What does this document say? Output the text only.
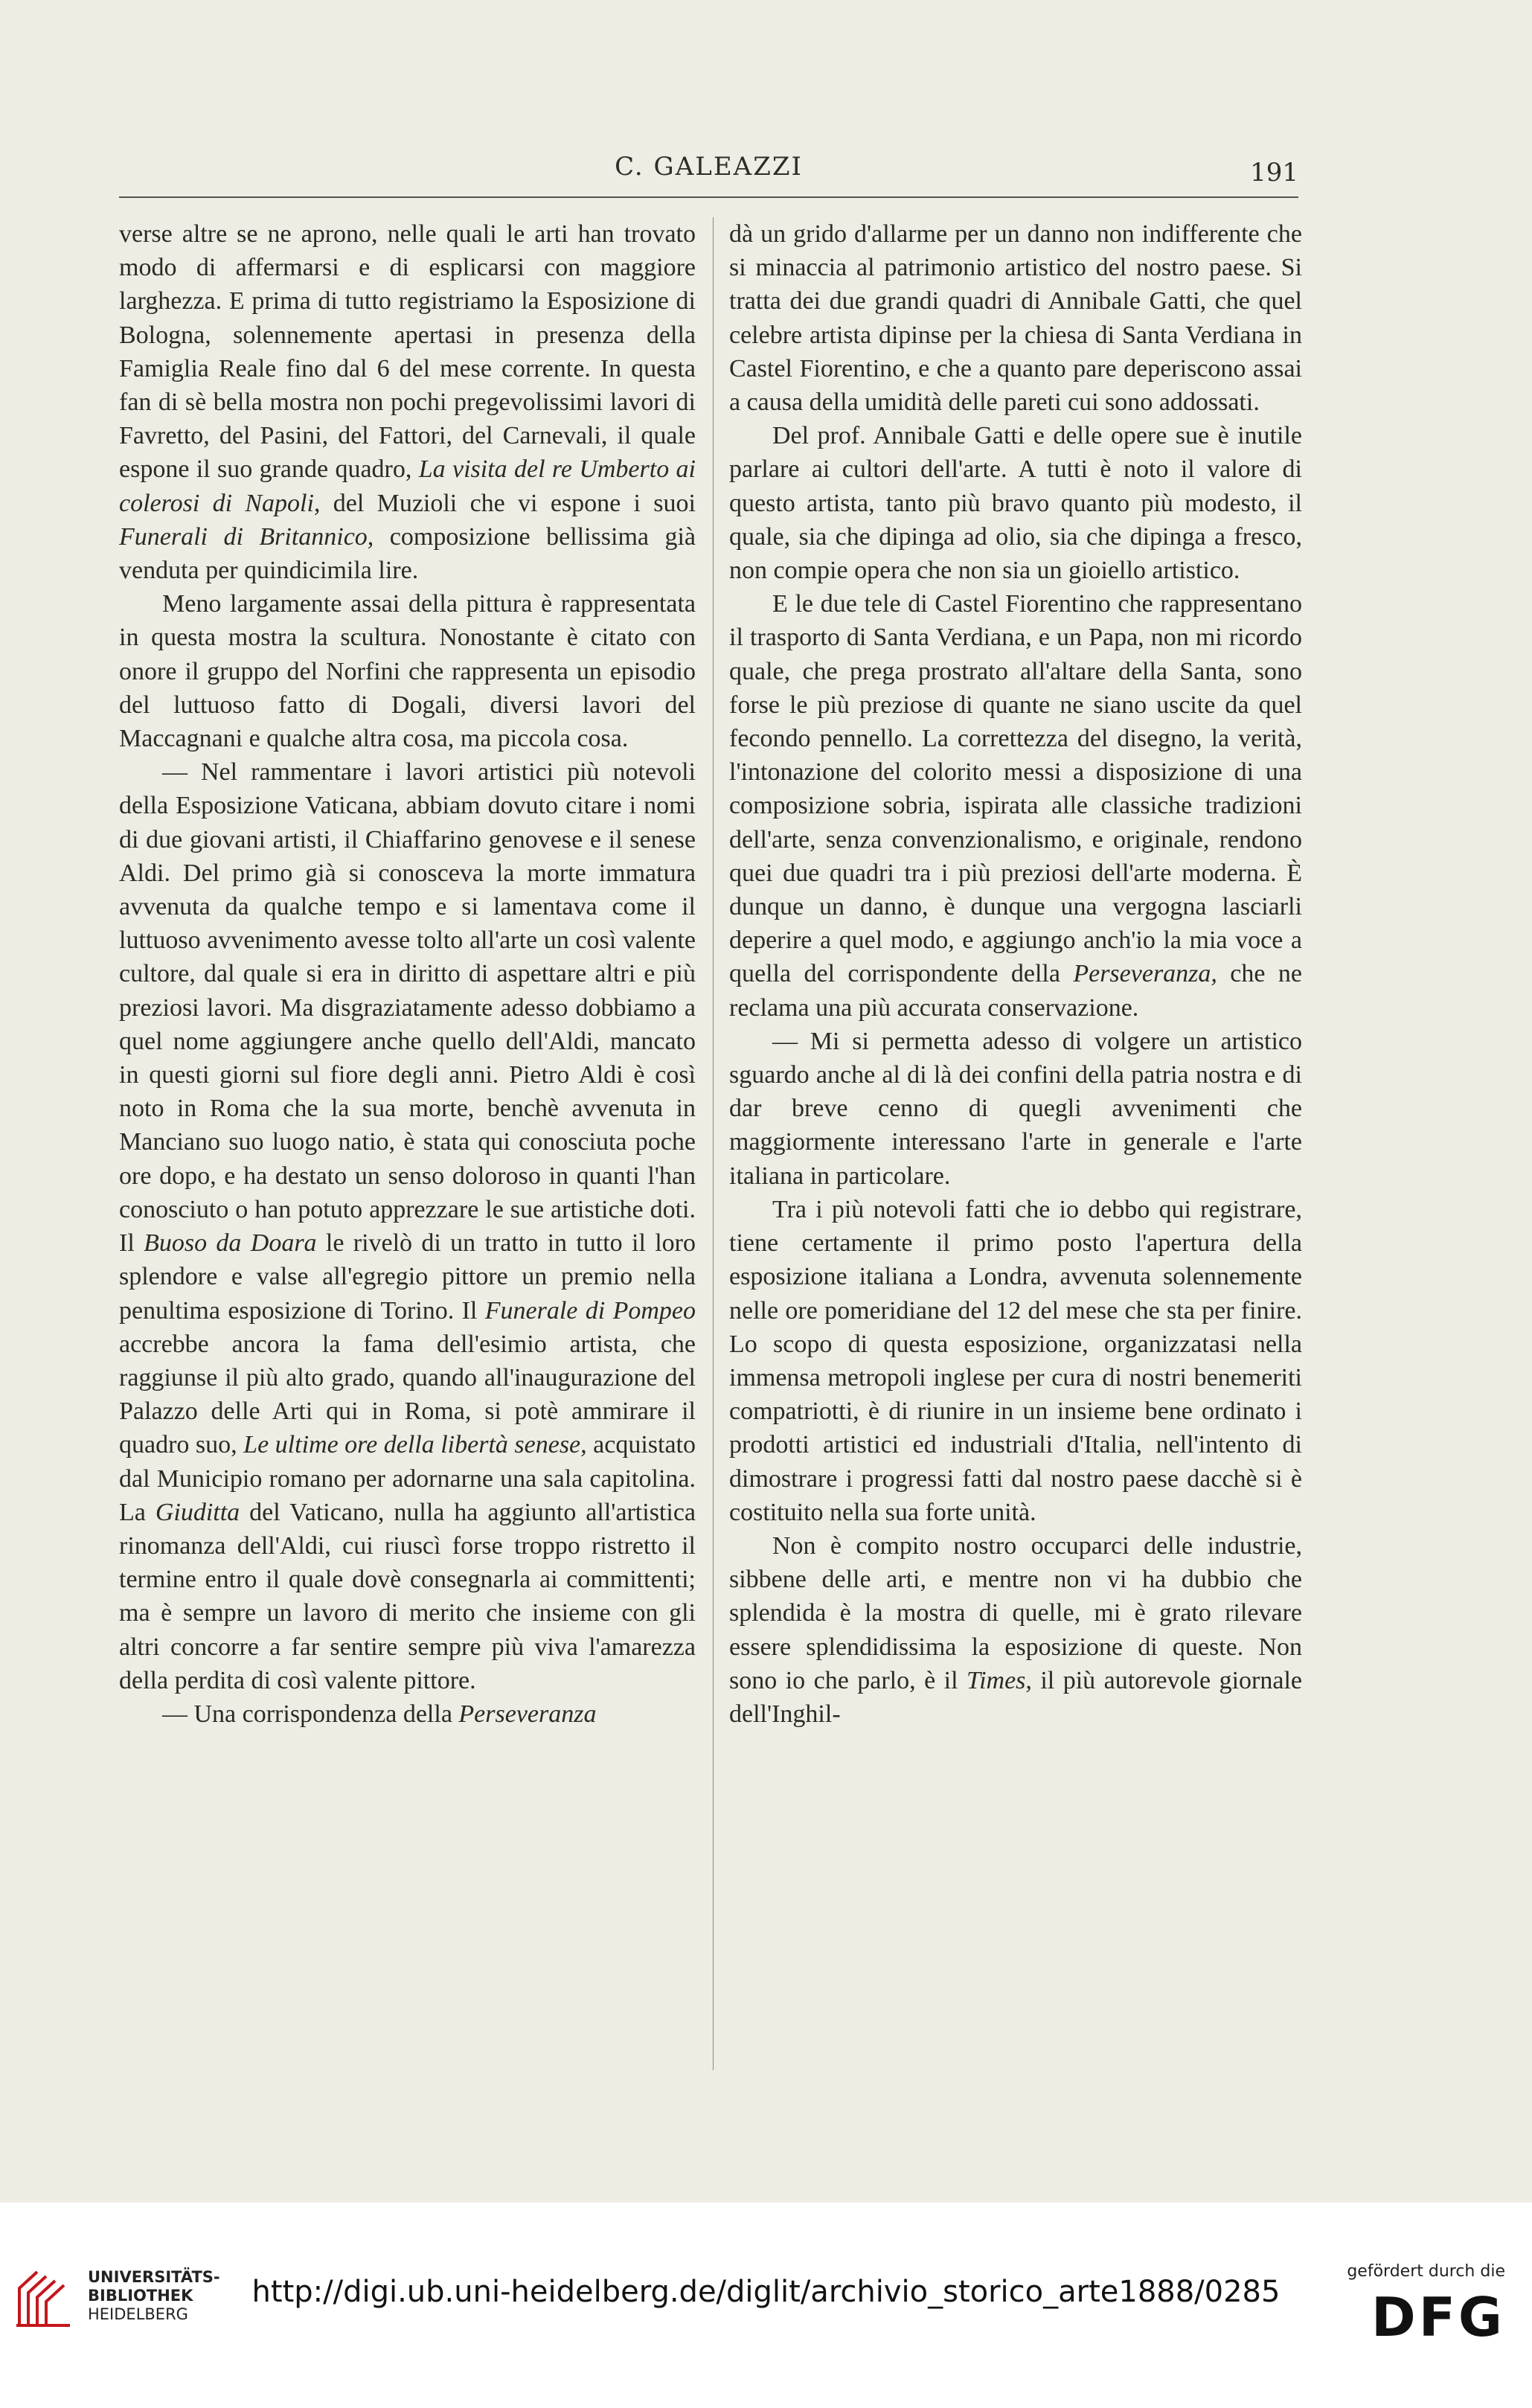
C. GALEAZZI	191

verse altre se ne aprono, nelle quali le arti han trovato modo di affermarsi e di esplicarsi con maggiore larghezza. E prima di tutto registriamo la Esposizione di Bologna, solennemente apertasi in presenza della Famiglia Reale fino dal 6 del mese corrente. In questa fan di sè bella mostra non pochi pregevolissimi lavori di Favretto, del Pasini, del Fattori, del Carnevali, il quale espone il suo grande quadro, La visita del re Umberto ai colerosi di Napoli, del Muzioli che vi espone i suoi Funerali di Britannico, composizione bellissima già venduta per quindicimila lire.

Meno largamente assai della pittura è rappresentata in questa mostra la scultura. Nonostante è citato con onore il gruppo del Norfini che rappresenta un episodio del luttuoso fatto di Dogali, diversi lavori del Maccagnani e qualche altra cosa, ma piccola cosa.

— Nel rammentare i lavori artistici più notevoli della Esposizione Vaticana, abbiam dovuto citare i nomi di due giovani artisti, il Chiaffarino genovese e il senese Aldi. Del primo già si conosceva la morte immatura avvenuta da qualche tempo e si lamentava come il luttuoso avvenimento avesse tolto all'arte un così valente cultore, dal quale si era in diritto di aspettare altri e più preziosi lavori. Ma disgraziatamente adesso dobbiamo a quel nome aggiungere anche quello dell'Aldi, mancato in questi giorni sul fiore degli anni. Pietro Aldi è così noto in Roma che la sua morte, benchè avvenuta in Manciano suo luogo natio, è stata qui conosciuta poche ore dopo, e ha destato un senso doloroso in quanti l'han conosciuto o han potuto apprezzare le sue artistiche doti. Il Buoso da Doara le rivelò di un tratto in tutto il loro splendore e valse all'egregio pittore un premio nella penultima esposizione di Torino. Il Funerale di Pompeo accrebbe ancora la fama dell'esimio artista, che raggiunse il più alto grado, quando all'inaugurazione del Palazzo delle Arti qui in Roma, si potè ammirare il quadro suo, Le ultime ore della libertà senese, acquistato dal Municipio romano per adornarne una sala capitolina. La Giuditta del Vaticano, nulla ha aggiunto all'artistica rinomanza dell'Aldi, cui riuscì forse troppo ristretto il termine entro il quale dovè consegnarla ai committenti; ma è sempre un lavoro di merito che insieme con gli altri concorre a far sentire sempre più viva l'amarezza della perdita di così valente pittore.

— Una corrispondenza della Perseveranza

dà un grido d'allarme per un danno non indifferente che si minaccia al patrimonio artistico del nostro paese. Si tratta dei due grandi quadri di Annibale Gatti, che quel celebre artista dipinse per la chiesa di Santa Verdiana in Castel Fiorentino, e che a quanto pare deperiscono assai a causa della umidità delle pareti cui sono addossati.

Del prof. Annibale Gatti e delle opere sue è inutile parlare ai cultori dell'arte. A tutti è noto il valore di questo artista, tanto più bravo quanto più modesto, il quale, sia che dipinga ad olio, sia che dipinga a fresco, non compie opera che non sia un gioiello artistico.

E le due tele di Castel Fiorentino che rappresentano il trasporto di Santa Verdiana, e un Papa, non mi ricordo quale, che prega prostrato all'altare della Santa, sono forse le più preziose di quante ne siano uscite da quel fecondo pennello. La correttezza del disegno, la verità, l'intonazione del colorito messi a disposizione di una composizione sobria, ispirata alle classiche tradizioni dell'arte, senza convenzionalismo, e originale, rendono quei due quadri tra i più preziosi dell'arte moderna. È dunque un danno, è dunque una vergogna lasciarli deperire a quel modo, e aggiungo anch'io la mia voce a quella del corrispondente della Perseveranza, che ne reclama una più accurata conservazione.

— Mi si permetta adesso di volgere un artistico sguardo anche al di là dei confini della patria nostra e di dar breve cenno di quegli avvenimenti che maggiormente interessano l'arte in generale e l'arte italiana in particolare.

Tra i più notevoli fatti che io debbo qui registrare, tiene certamente il primo posto l'apertura della esposizione italiana a Londra, avvenuta solennemente nelle ore pomeridiane del 12 del mese che sta per finire. Lo scopo di questa esposizione, organizzatasi nella immensa metropoli inglese per cura di nostri benemeriti compatriotti, è di riunire in un insieme bene ordinato i prodotti artistici ed industriali d'Italia, nell'intento di dimostrare i progressi fatti dal nostro paese dacchè si è costituito nella sua forte unità.

Non è compito nostro occuparci delle industrie, sibbene delle arti, e mentre non vi ha dubbio che splendida è la mostra di quelle, mi è grato rilevare essere splendidissima la esposizione di queste. Non sono io che parlo, è il Times, il più autorevole giornale dell'Inghil-

UNIVERSITÄTS-
BIBLIOTHEK
HEIDELBERG
http://digi.ub.uni-heidelberg.de/diglit/archivio_storico_arte1888/0285
gefördert durch die
DFG
